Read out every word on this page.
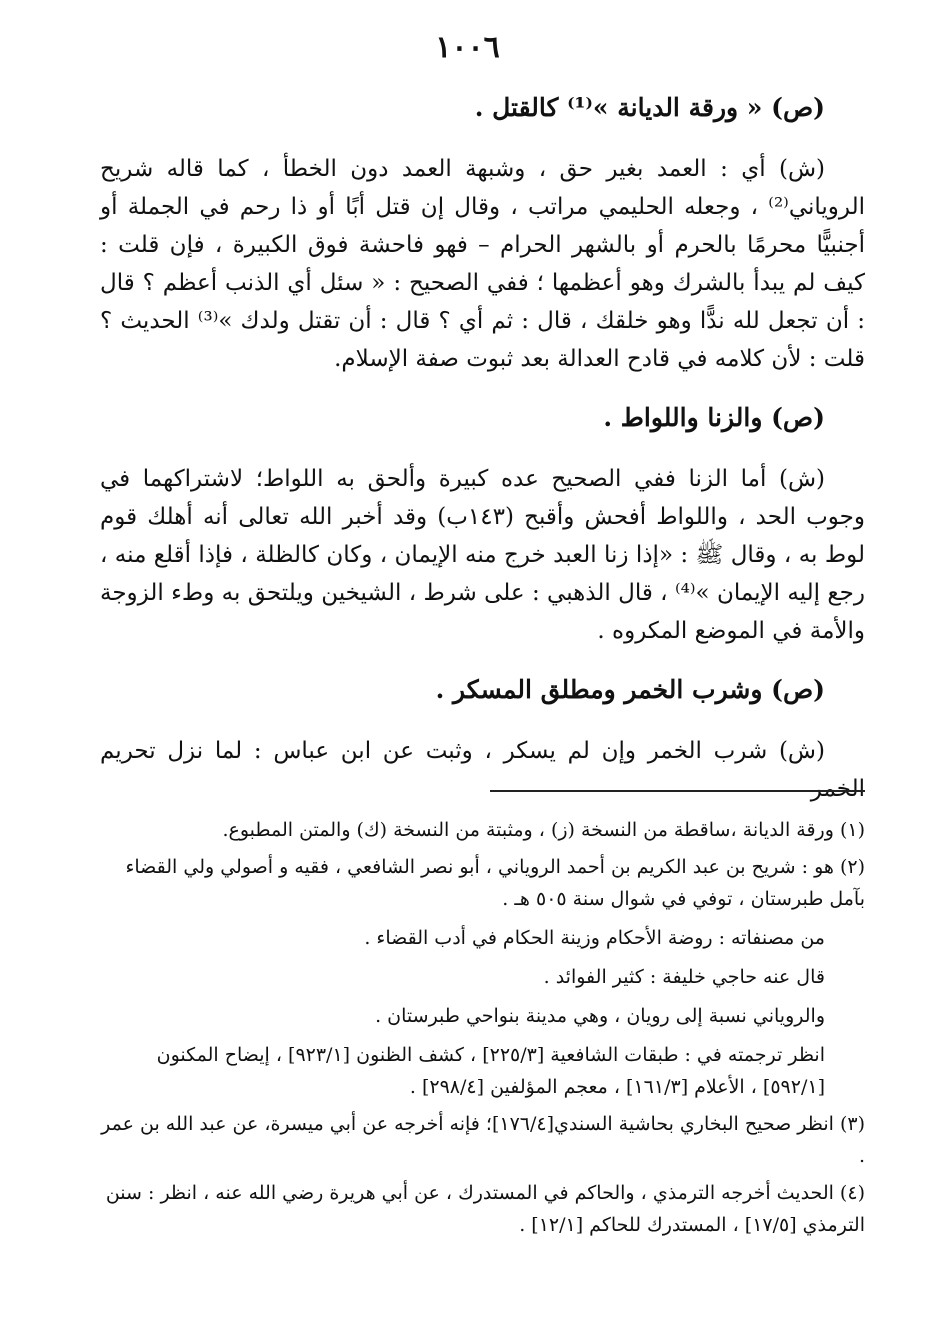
١٠٠٦

(ص) « ورقة الديانة »⁽¹⁾ كالقتل .

(ش) أي : العمد بغير حق ، وشبهة العمد دون الخطأ ، كما قاله شريح الروياني⁽²⁾ ، وجعله الحليمي مراتب ، وقال إن قتل أبًا أو ذا رحم في الجملة أو أجنبيًّا محرمًا بالحرم أو بالشهر الحرام – فهو فاحشة فوق الكبيرة ، فإن قلت : كيف لم يبدأ بالشرك وهو أعظمها ؛ ففي الصحيح : « سئل أي الذنب أعظم ؟ قال : أن تجعل لله ندًّا وهو خلقك ، قال : ثم أي ؟ قال : أن تقتل ولدك »⁽³⁾ الحديث ؟ قلت : لأن كلامه في قادح العدالة بعد ثبوت صفة الإسلام.

(ص) والزنا واللواط .

(ش) أما الزنا ففي الصحيح عده كبيرة وألحق به اللواط؛ لاشتراكهما في وجوب الحد ، واللواط أفحش وأقبح (١٤٣ب) وقد أخبر الله تعالى أنه أهلك قوم لوط به ، وقال ﷺ : «إذا زنا العبد خرج منه الإيمان ، وكان كالظلة ، فإذا أقلع منه ، رجع إليه الإيمان »⁽⁴⁾ ، قال الذهبي : على شرط ، الشيخين ويلتحق به وطء الزوجة والأمة في الموضع المكروه .

(ص) وشرب الخمر ومطلق المسكر .

(ش) شرب الخمر وإن لم يسكر ، وثبت عن ابن عباس : لما نزل تحريم الخمر

(١) ورقة الديانة ،ساقطة من النسخة (ز) ، ومثبتة من النسخة (ك) والمتن المطبوع.

(٢) هو : شريح بن عبد الكريم بن أحمد الروياني ، أبو نصر الشافعي ، فقيه و أصولي ولي القضاء بآمل طبرستان ، توفي في شوال سنة ٥٠٥ هـ .

من مصنفاته : روضة الأحكام وزينة الحكام في أدب القضاء .

قال عنه حاجي خليفة : كثير الفوائد .

والروياني نسبة إلى رويان ، وهي مدينة بنواحي طبرستان .

انظر ترجمته في : طبقات الشافعية [٢٢٥/٣] ، كشف الظنون [٩٢٣/١] ، إيضاح المكنون [٥٩٢/١] ، الأعلام [١٦١/٣] ، معجم المؤلفين [٢٩٨/٤] .

(٣) انظر صحيح البخاري بحاشية السندي[١٧٦/٤]؛ فإنه أخرجه عن أبي ميسرة، عن عبد الله بن عمر .

(٤) الحديث أخرجه الترمذي ، والحاكم في المستدرك ، عن أبي هريرة رضي الله عنه ، انظر : سنن الترمذي [١٧/٥] ، المستدرك للحاكم [١٢/١] .
